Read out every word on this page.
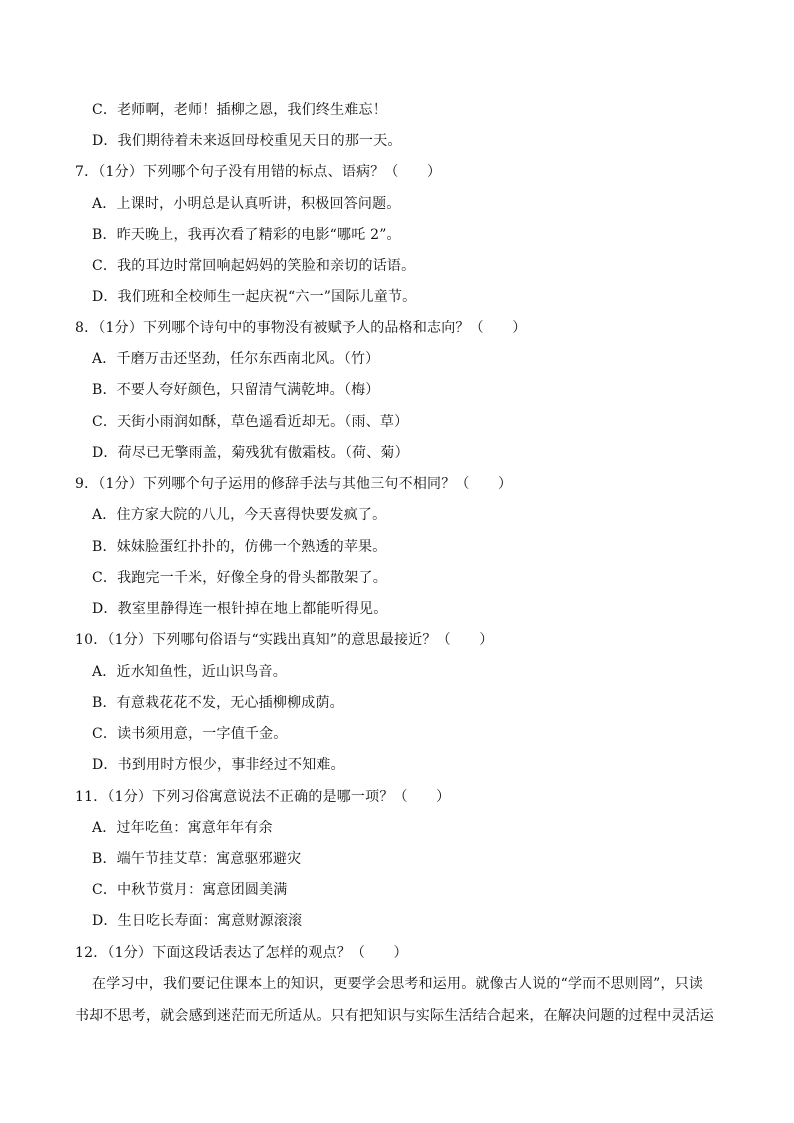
C．老师啊，老师！插柳之恩，我们终生难忘！
D．我们期待着未来返回母校重见天日的那一天。
7．（1分）下列哪个句子没有用错的标点、语病？（　　）
A．上课时，小明总是认真听讲，积极回答问题。
B．昨天晚上，我再次看了精彩的电影“哪吒 2”。
C．我的耳边时常回响起妈妈的笑脸和亲切的话语。
D．我们班和全校师生一起庆祝“六一”国际儿童节。
8．（1分）下列哪个诗句中的事物没有被赋予人的品格和志向？（　　）
A．千磨万击还坚劲，任尔东西南北风。（竹）
B．不要人夸好颜色，只留清气满乾坤。（梅）
C．天街小雨润如酥，草色遥看近却无。（雨、草）
D．荷尽已无擎雨盖，菊残犹有傲霜枝。（荷、菊）
9．（1分）下列哪个句子运用的修辞手法与其他三句不相同？（　　）
A．住方家大院的八儿，今天喜得快要发疯了。
B．妹妹脸蛋红扑扑的，仿佛一个熟透的苹果。
C．我跑完一千米，好像全身的骨头都散架了。
D．教室里静得连一根针掉在地上都能听得见。
10．（1分）下列哪句俗语与“实践出真知”的意思最接近？（　　）
A．近水知鱼性，近山识鸟音。
B．有意栽花花不发，无心插柳柳成荫。
C．读书须用意，一字值千金。
D．书到用时方恨少，事非经过不知难。
11．（1分）下列习俗寓意说法不正确的是哪一项？（　　）
A．过年吃鱼：寓意年年有余
B．端午节挂艾草：寓意驱邪避灾
C．中秋节赏月：寓意团圆美满
D．生日吃长寿面：寓意财源滚滚
12．（1分）下面这段话表达了怎样的观点？（　　）
在学习中，我们要记住课本上的知识，更要学会思考和运用。就像古人说的“学而不思则罔”，只读
书却不思考，就会感到迷茫而无所适从。只有把知识与实际生活结合起来，在解决问题的过程中灵活运
